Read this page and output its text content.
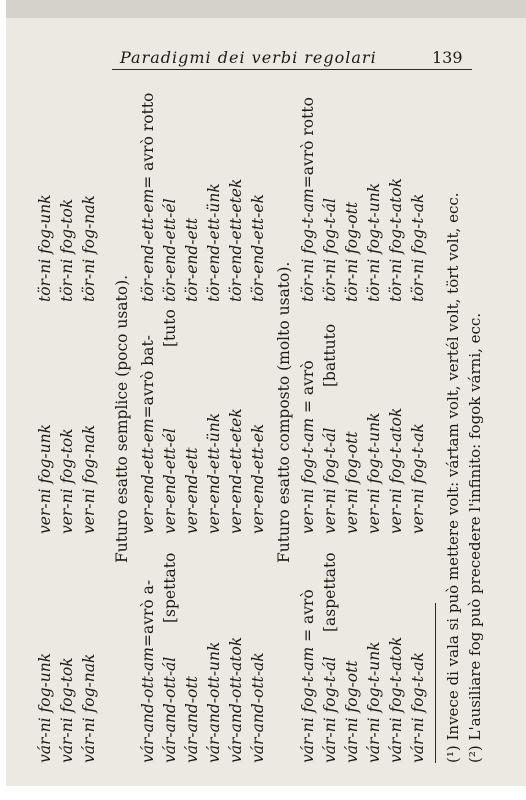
Paradigmi dei verbi regolari	139
vár-ni fog-unk
ver-ni fog-unk
tör-ni fog-unk
vár-ni fog-tok
ver-ni fog-tok
tör-ni fog-tok
vár-ni fog-nak
ver-ni fog-nak
tör-ni fog-nak
Futuro esatto semplice (poco usato).
vár-and-ott-am=avrò a-
ver-end-ett-em=avrò bat-
tör-end-ett-em= avrò rotto
vár-and-ott-ál
[spettato
ver-end-ett-él
[tuto
tör-end-ett-él
vár-and-ott
ver-end-ett
tör-end-ett
vár-and-ott-unk
ver-end-ett-ünk
tör-end-ett-ünk
vár-and-ott-atok
ver-end-ett-etek
tör-end-ett-etek
vár-and-ott-ak
ver-end-ett-ek
tör-end-ett-ek
Futuro esatto composto (molto usato).
vár-ni fog-t-am = avrò
ver-ni fog-t-am = avrò
tör-ni fog-t-am=avrò rotto
vár-ni fog-t-ál
[aspettato
ver-ni fog-t-ál
[battuto
tör-ni fog-t-ál
vár-ni fog-ott
ver-ni fog-ott
tör-ni fog-ott
vár-ni fog-t-unk
ver-ni fog-t-unk
tör-ni fog-t-unk
vár-ni fog-t-atok
ver-ni fog-t-atok
tör-ni fog-t-atok
vár-ni fog-t-ak
ver-ni fog-t-ak
tör-ni fog-t-ak
(¹) Invece di vala si può mettere volt: vártam volt, vertél volt, tört volt, ecc.
(²) L'ausiliare fog può precedere l'infinito: fogok várni, ecc.
